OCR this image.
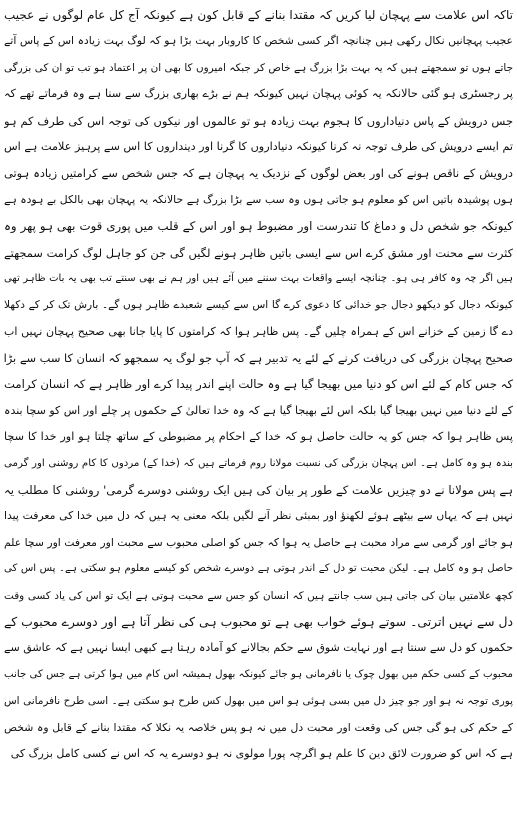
تاکہ اس علامت سے پہچان لیا کریں کہ مقتدا بنانے کے قابل کون ہے کیونکہ آج کل عام لوگوں نے عجیب
عجیب پہچانیں نکال رکھی ہیں چنانچہ اگر کسی شخص کا کاروبار بہت بڑا ہو کہ لوگ بہت زیادہ اس کے پاس آتے
جاتے ہوں تو سمجھتے ہیں کہ یہ بہت بڑا بزرگ ہے خاص کر جبکہ امیروں کا بھی ان پر اعتماد ہو تب تو ان کی بزرگی
پر رجسٹری ہو گئی حالانکہ یہ کوئی پہچان نہیں کیونکہ ہم نے بڑے بھاری بزرگ سے سنا ہے وہ فرماتے تھے کہ
جس درویش کے پاس دنیاداروں کا ہجوم بہت زیادہ ہو تو عالموں اور نیکوں کی توجہ اس کی طرف کم ہو
تم ایسے درویش کی طرف توجہ نہ کرنا کیونکہ دنیاداروں کا گرنا اور دینداروں کا اس سے پرہیز علامت ہے اس
درویش کے ناقص ہونے کی اور بعض لوگوں کے نزدیک یہ پہچان ہے کہ جس شخص سے کرامتیں زیادہ ہوتی
ہوں پوشیدہ باتیں اس کو معلوم ہو جاتی ہوں وہ سب سے بڑا بزرگ ہے حالانکہ یہ پہچان بھی بالکل بے ہودہ ہے
کیونکہ جو شخص دل و دماغ کا تندرست اور مضبوط ہو اور اس کے قلب میں پوری قوت بھی ہو پھر وہ
کثرت سے محنت اور مشق کرے اس سے ایسی باتیں ظاہر ہونے لگیں گی جن کو جاہل لوگ کرامت سمجھتے
ہیں اگر چہ وہ کافر ہی ہو۔ چنانچہ ایسے واقعات بہت سننے میں آئے ہیں اور ہم نے بھی سنتے تب بھی یہ بات ظاہر تھی
کیونکہ دجال کو دیکھو دجال جو خدائی کا دعوی کرے گا اس سے کیسے شعبدے ظاہر ہوں گے۔ بارش تک کر کے دکھلا
دے گا زمین کے خزانے اس کے ہمراہ چلیں گے۔ پس ظاہر ہوا کہ کرامتوں کا پایا جانا بھی صحیح پہچان نہیں اب
صحیح پہچان بزرگی کی دریافت کرنے کے لئے یہ تدبیر ہے کہ آپ جو لوگ یہ سمجھو کہ انسان کا سب سے بڑا
کہ جس کام کے لئے اس کو دنیا میں بھیجا گیا ہے وہ حالت اپنے اندر پیدا کرے اور ظاہر ہے کہ انسان کرامت
کے لئے دنیا میں نہیں بھیجا گیا بلکہ اس لئے بھیجا گیا ہے کہ وہ خدا تعالیٰ کے حکموں پر چلے اور اس کو سچا بندہ
پس ظاہر ہوا کہ جس کو یہ حالت حاصل ہو کہ خدا کے احکام پر مضبوطی کے ساتھ چلتا ہو اور خدا کا سچا
بندہ ہو وہ کامل ہے۔ اس پہچان بزرگی کی نسبت مولانا روم فرماتے ہیں کہ (خدا کے) مردوں کا کام روشنی اور گرمی
ہے پس مولانا نے دو چیزیں علامت کے طور پر بیان کی ہیں ایک روشنی دوسرے گرمی' روشنی کا مطلب یہ
نہیں ہے کہ یہاں سے بیٹھے ہوئے لکھنؤ اور بمبئی نظر آنے لگیں بلکہ معنی یہ ہیں کہ دل میں خدا کی معرفت پیدا
ہو جائے اور گرمی سے مراد محبت ہے حاصل یہ ہوا کہ جس کو اصلی محبوب سے محبت اور معرفت اور سچا علم
حاصل ہو وہ کامل ہے۔ لیکن محبت تو دل کے اندر ہوتی ہے دوسرے شخص کو کیسے معلوم ہو سکتی ہے۔ پس اس کی
کچھ علامتیں بیان کی جاتی ہیں سب جانتے ہیں کہ انسان کو جس سے محبت ہوتی ہے ایک تو اس کی یاد کسی وقت
دل سے نہیں اترتی۔ سوتے ہوئے خواب بھی ہے تو محبوب ہی کی نظر آتا ہے اور دوسرے محبوب کے
حکموں کو دل سے سنتا ہے اور نہایت شوق سے حکم بجالانے کو آمادہ رہتا ہے کبھی ایسا نہیں ہے کہ عاشق سے
محبوب کے کسی حکم میں بھول چوک یا نافرمانی ہو جائے کیونکہ بھول ہمیشہ اس کام میں ہوا کرتی ہے جس کی جانب
پوری توجہ نہ ہو اور جو چیز دل میں بسی ہوئی ہو اس میں بھول کس طرح ہو سکتی ہے۔ اسی طرح نافرمانی اس
کے حکم کی ہو گی جس کی وقعت اور محبت دل میں نہ ہو پس خلاصہ یہ نکلا کہ مقتدا بنانے کے قابل وہ شخص
ہے کہ اس کو ضرورت لائق دین کا علم ہو اگرچہ پورا مولوی نہ ہو دوسرے یہ کہ اس نے کسی کامل بزرگ کی
